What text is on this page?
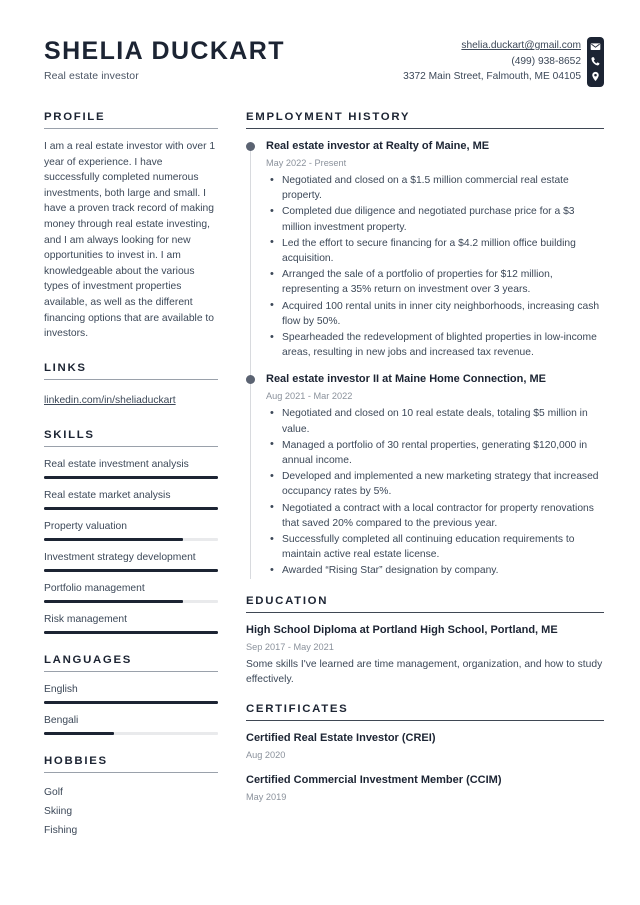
SHELIA DUCKART
Real estate investor
shelia.duckart@gmail.com
(499) 938-8652
3372 Main Street, Falmouth, ME 04105
PROFILE
I am a real estate investor with over 1 year of experience. I have successfully completed numerous investments, both large and small. I have a proven track record of making money through real estate investing, and I am always looking for new opportunities to invest in. I am knowledgeable about the various types of investment properties available, as well as the different financing options that are available to investors.
LINKS
linkedin.com/in/sheliaduckart
SKILLS
Real estate investment analysis
Real estate market analysis
Property valuation
Investment strategy development
Portfolio management
Risk management
LANGUAGES
English
Bengali
HOBBIES
Golf
Skiing
Fishing
EMPLOYMENT HISTORY
Real estate investor at Realty of Maine, ME
May 2022 - Present
• Negotiated and closed on a $1.5 million commercial real estate property.
• Completed due diligence and negotiated purchase price for a $3 million investment property.
• Led the effort to secure financing for a $4.2 million office building acquisition.
• Arranged the sale of a portfolio of properties for $12 million, representing a 35% return on investment over 3 years.
• Acquired 100 rental units in inner city neighborhoods, increasing cash flow by 50%.
• Spearheaded the redevelopment of blighted properties in low-income areas, resulting in new jobs and increased tax revenue.
Real estate investor II at Maine Home Connection, ME
Aug 2021 - Mar 2022
• Negotiated and closed on 10 real estate deals, totaling $5 million in value.
• Managed a portfolio of 30 rental properties, generating $120,000 in annual income.
• Developed and implemented a new marketing strategy that increased occupancy rates by 5%.
• Negotiated a contract with a local contractor for property renovations that saved 20% compared to the previous year.
• Successfully completed all continuing education requirements to maintain active real estate license.
• Awarded “Rising Star” designation by company.
EDUCATION
High School Diploma at Portland High School, Portland, ME
Sep 2017 - May 2021
Some skills I've learned are time management, organization, and how to study effectively.
CERTIFICATES
Certified Real Estate Investor (CREI)
Aug 2020
Certified Commercial Investment Member (CCIM)
May 2019
